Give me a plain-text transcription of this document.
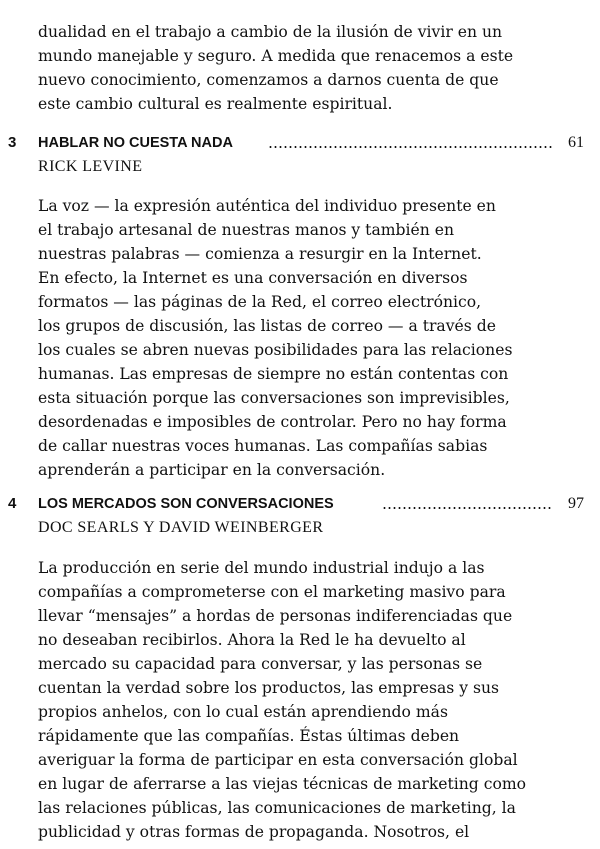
dualidad en el trabajo a cambio de la ilusión de vivir en un
mundo manejable y seguro. A medida que renacemos a este
nuevo conocimiento, comenzamos a darnos cuenta de que
este cambio cultural es realmente espiritual.
3 HABLAR NO CUESTA NADA	61
RICK LEVINE
La voz — la expresión auténtica del individuo presente en
el trabajo artesanal de nuestras manos y también en
nuestras palabras — comienza a resurgir en la Internet.
En efecto, la Internet es una conversación en diversos
formatos — las páginas de la Red, el correo electrónico,
los grupos de discusión, las listas de correo — a través de
los cuales se abren nuevas posibilidades para las relaciones
humanas. Las empresas de siempre no están contentas con
esta situación porque las conversaciones son imprevisibles,
desordenadas e imposibles de controlar. Pero no hay forma
de callar nuestras voces humanas. Las compañías sabias
aprenderán a participar en la conversación.
4 LOS MERCADOS SON CONVERSACIONES	97
DOC SEARLS Y DAVID WEINBERGER
La producción en serie del mundo industrial indujo a las
compañías a comprometerse con el marketing masivo para
llevar “mensajes” a hordas de personas indiferenciadas que
no deseaban recibirlos. Ahora la Red le ha devuelto al
mercado su capacidad para conversar, y las personas se
cuentan la verdad sobre los productos, las empresas y sus
propios anhelos, con lo cual están aprendiendo más
rápidamente que las compañías. Éstas últimas deben
averiguar la forma de participar en esta conversación global
en lugar de aferrarse a las viejas técnicas de marketing como
las relaciones públicas, las comunicaciones de marketing, la
publicidad y otras formas de propaganda. Nosotros, el
